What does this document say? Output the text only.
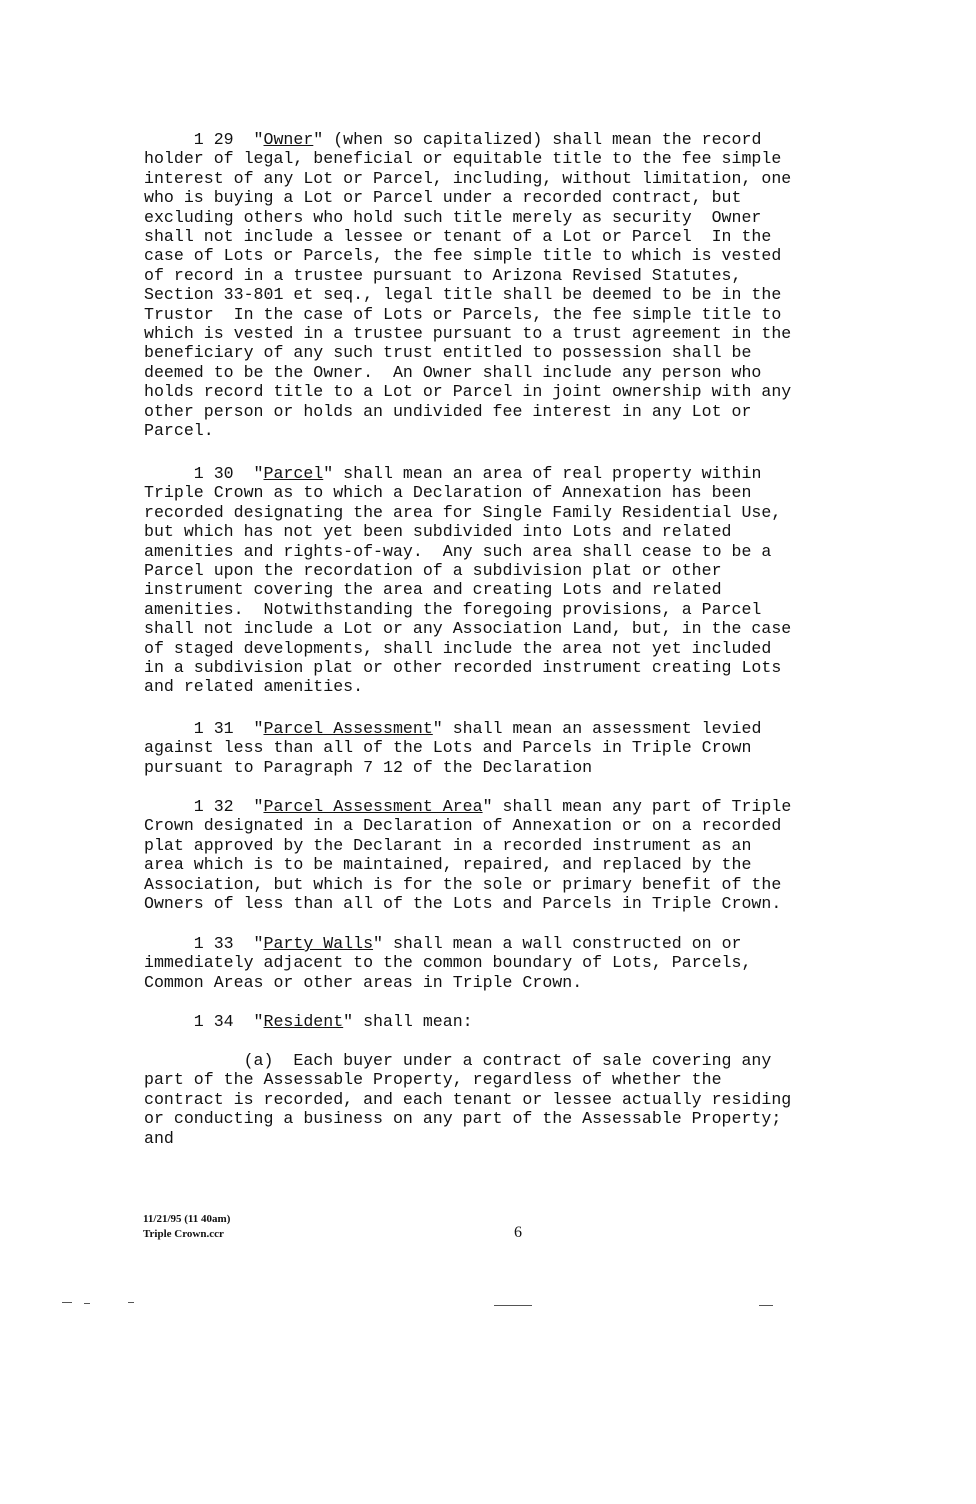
1 29  "Owner" (when so capitalized) shall mean the record
holder of legal, beneficial or equitable title to the fee simple
interest of any Lot or Parcel, including, without limitation, one
who is buying a Lot or Parcel under a recorded contract, but
excluding others who hold such title merely as security  Owner
shall not include a lessee or tenant of a Lot or Parcel  In the
case of Lots or Parcels, the fee simple title to which is vested
of record in a trustee pursuant to Arizona Revised Statutes,
Section 33-801 et seq., legal title shall be deemed to be in the
Trustor  In the case of Lots or Parcels, the fee simple title to
which is vested in a trustee pursuant to a trust agreement in the
beneficiary of any such trust entitled to possession shall be
deemed to be the Owner.  An Owner shall include any person who
holds record title to a Lot or Parcel in joint ownership with any
other person or holds an undivided fee interest in any Lot or
Parcel.
1 30  "Parcel" shall mean an area of real property within
Triple Crown as to which a Declaration of Annexation has been
recorded designating the area for Single Family Residential Use,
but which has not yet been subdivided into Lots and related
amenities and rights-of-way.  Any such area shall cease to be a
Parcel upon the recordation of a subdivision plat or other
instrument covering the area and creating Lots and related
amenities.  Notwithstanding the foregoing provisions, a Parcel
shall not include a Lot or any Association Land, but, in the case
of staged developments, shall include the area not yet included
in a subdivision plat or other recorded instrument creating Lots
and related amenities.
1 31  "Parcel Assessment" shall mean an assessment levied
against less than all of the Lots and Parcels in Triple Crown
pursuant to Paragraph 7 12 of the Declaration
1 32  "Parcel Assessment Area" shall mean any part of Triple
Crown designated in a Declaration of Annexation or on a recorded
plat approved by the Declarant in a recorded instrument as an
area which is to be maintained, repaired, and replaced by the
Association, but which is for the sole or primary benefit of the
Owners of less than all of the Lots and Parcels in Triple Crown.
1 33  "Party Walls" shall mean a wall constructed on or
immediately adjacent to the common boundary of Lots, Parcels,
Common Areas or other areas in Triple Crown.
1 34  "Resident" shall mean:
(a)  Each buyer under a contract of sale covering any
part of the Assessable Property, regardless of whether the
contract is recorded, and each tenant or lessee actually residing
or conducting a business on any part of the Assessable Property;
and
11/21/95 (11 40am)
Triple Crown.ccr	6
